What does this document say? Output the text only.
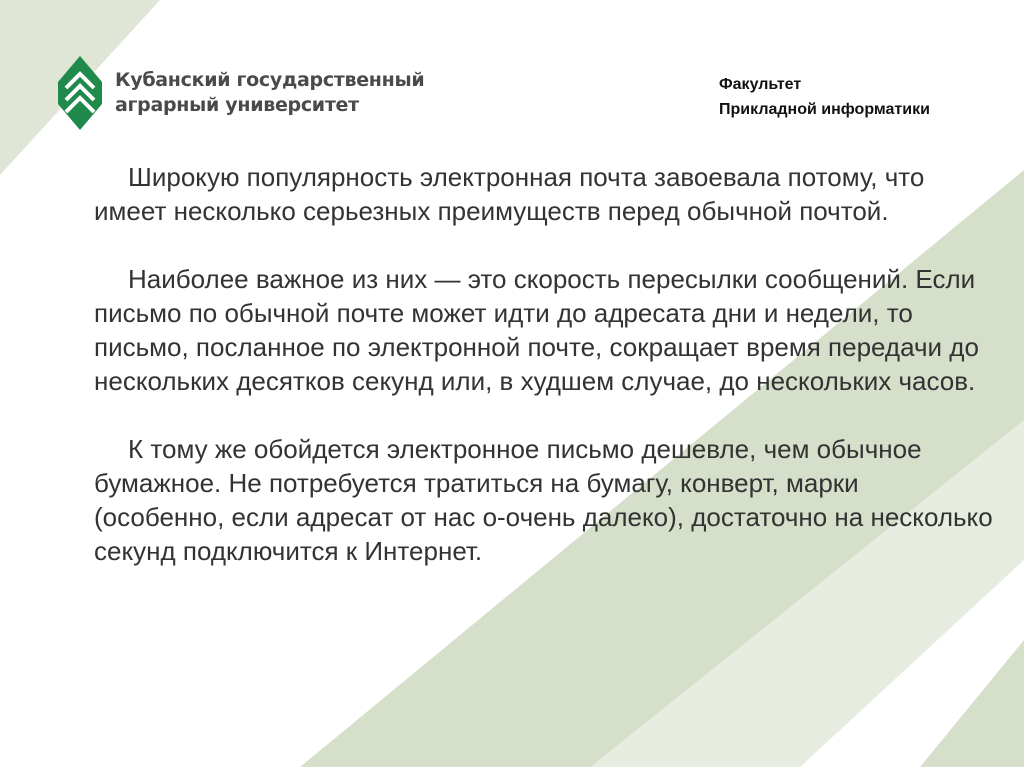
Кубанский государственный
аграрный университет
Факультет
Прикладной информатики

Широкую популярность электронная почта завоевала потому, что имеет несколько серьезных преимуществ перед обычной почтой.

Наиболее важное из них — это скорость пересылки сообщений. Если письмо по обычной почте может идти до адресата дни и недели, то письмо, посланное по электронной почте, сокращает время передачи до нескольких десятков секунд или, в худшем случае, до нескольких часов.

К тому же обойдется электронное письмо дешевле, чем обычное бумажное. Не потребуется тратиться на бумагу, конверт, марки (особенно, если адресат от нас о-очень далеко), достаточно на несколько секунд подключится к Интернет.
